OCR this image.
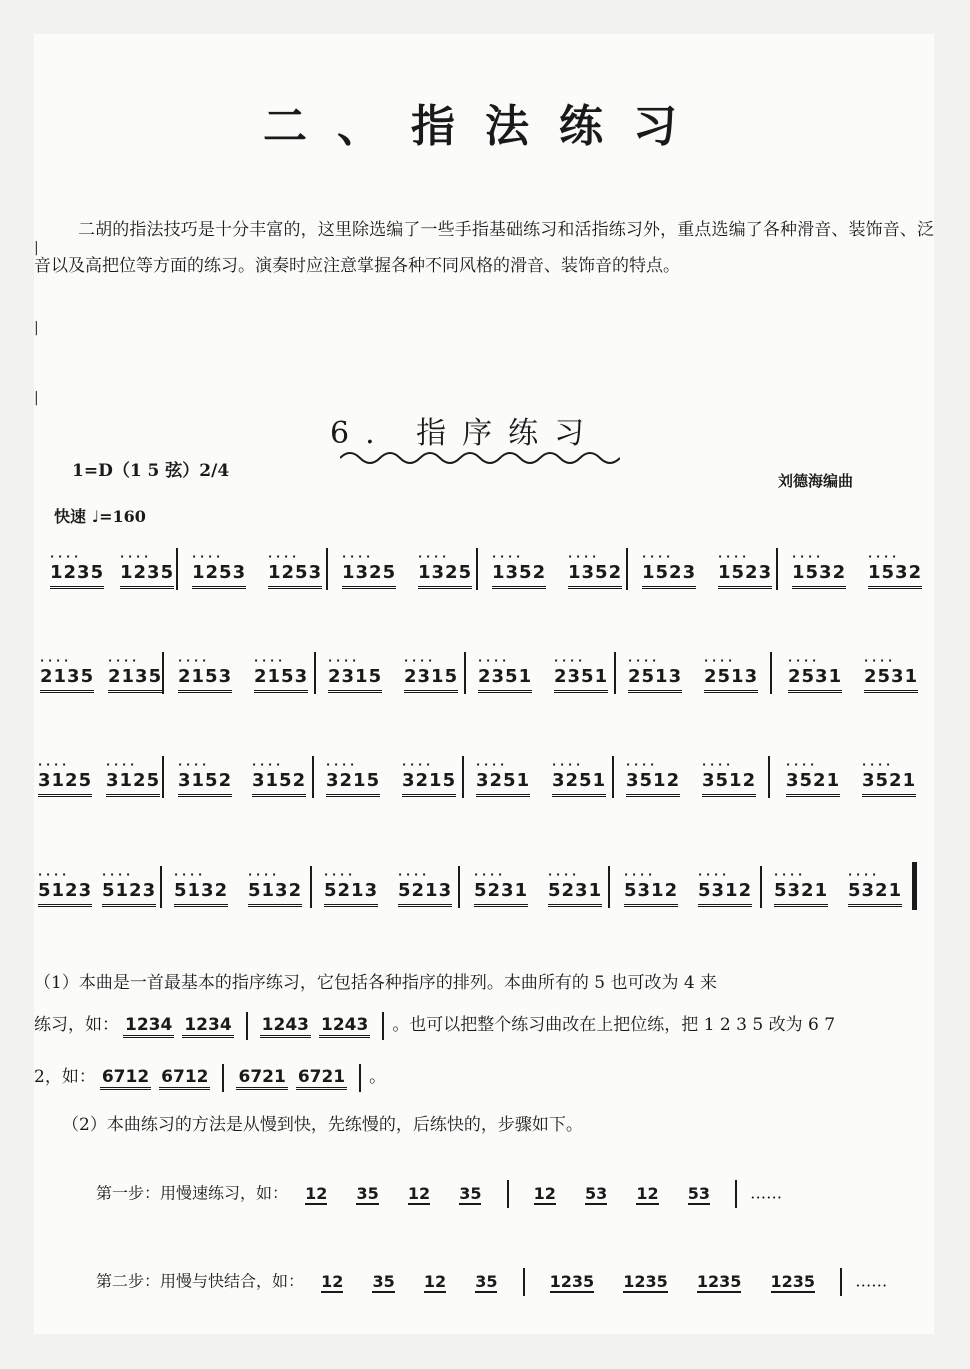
|
|
|
二、指法练习
二胡的指法技巧是十分丰富的，这里除选编了一些手指基础练习和活指练习外，重点选编了各种滑音、装饰音、泛音以及高把位等方面的练习。演奏时应注意掌握各种不同风格的滑音、装饰音的特点。
6. 指序练习
1=D（1 5 弦）2/4	刘德海编曲
快速 ♩=160
· · · · 1235 · · · · 1235 · · · · 1253 · · · · 1253 · · · · 1325 · · · · 1325 · · · · 1352 · · · · 1352 · · · · 1523 · · · · 1523 · · · · 1532 · · · · 1532
· · · · 2135 · · · · 2135 · · · · 2153 · · · · 2153 · · · · 2315 · · · · 2315 · · · · 2351 · · · · 2351 · · · · 2513 · · · · 2513 · · · · 2531 · · · · 2531
· · · · 3125 · · · · 3125 · · · · 3152 · · · · 3152 · · · · 3215 · · · · 3215 · · · · 3251 · · · · 3251 · · · · 3512 · · · · 3512 · · · · 3521 · · · · 3521
· · · · 5123 · · · · 5123 · · · · 5132 · · · · 5132 · · · · 5213 · · · · 5213 · · · · 5231 · · · · 5231 · · · · 5312 · · · · 5312 · · · · 5321 · · · · 5321
（1）本曲是一首最基本的指序练习，它包括各种指序的排列。本曲所有的 5 也可改为 4 来
练习，如： 1234 1234 1243 1243 。也可以把整个练习曲改在上把位练，把 1 2 3 5 改为 6 7
2，如： 6712 6712 6721 6721 。
（2）本曲练习的方法是从慢到快，先练慢的，后练快的，步骤如下。
第一步：用慢速练习，如： 12 35 12 35	12 53 12 53	……
第二步：用慢与快结合，如： 12 35 12 35	1235 1235 1235 1235	……
